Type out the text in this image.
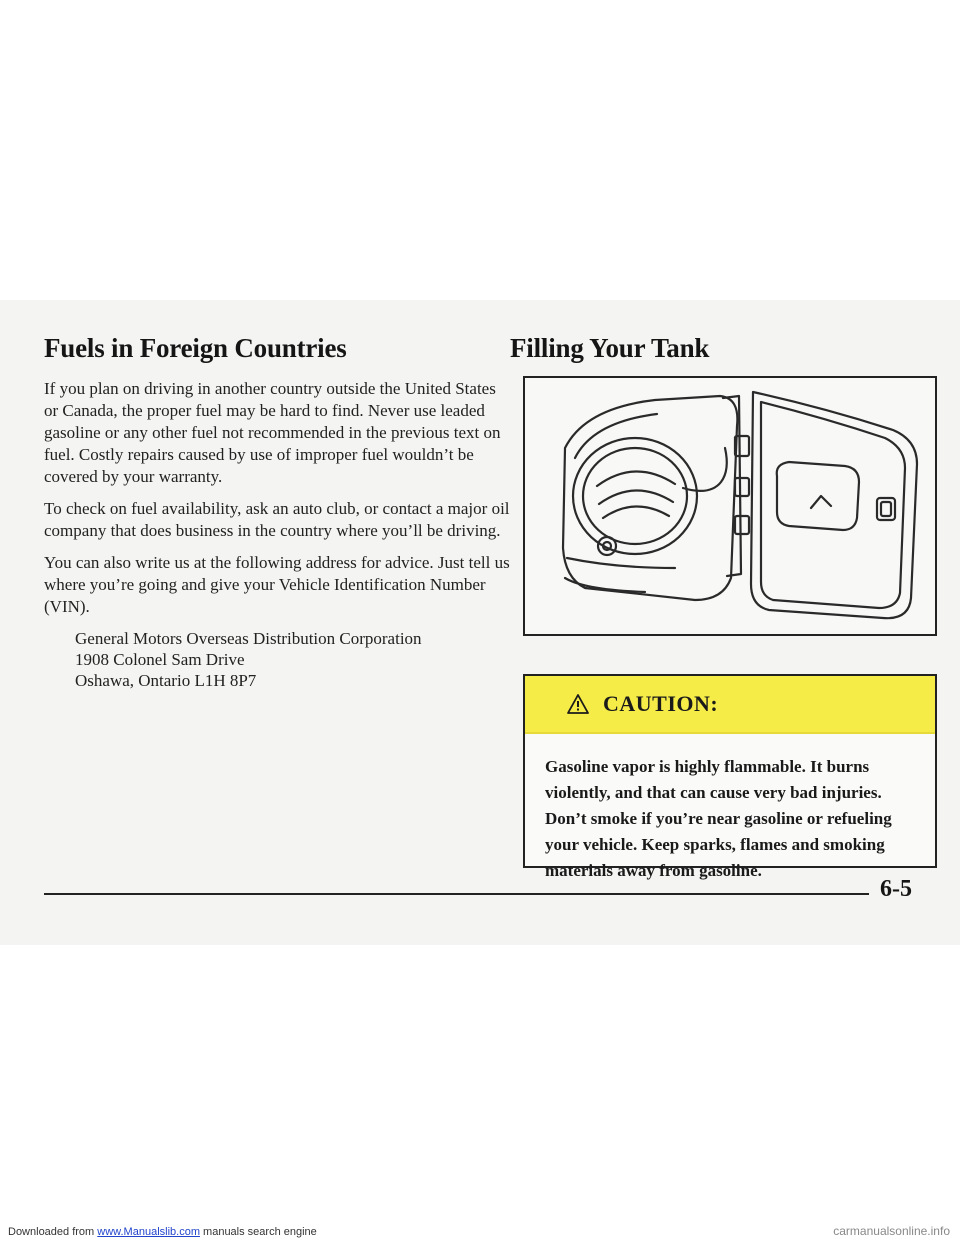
Fuels in Foreign Countries

If you plan on driving in another country outside the United States or Canada, the proper fuel may be hard to find. Never use leaded gasoline or any other fuel not recommended in the previous text on fuel. Costly repairs caused by use of improper fuel wouldn’t be covered by your warranty.

To check on fuel availability, ask an auto club, or contact a major oil company that does business in the country where you’ll be driving.

You can also write us at the following address for advice. Just tell us where you’re going and give your Vehicle Identification Number (VIN).

General Motors Overseas Distribution Corporation
1908 Colonel Sam Drive
Oshawa, Ontario L1H 8P7
Filling Your Tank
CAUTION:
Gasoline vapor is highly flammable. It burns violently, and that can cause very bad injuries. Don’t smoke if you’re near gasoline or refueling your vehicle. Keep sparks, flames and smoking materials away from gasoline.
6-5
Downloaded from www.Manualslib.com manuals search engine	carmanualsonline.info
